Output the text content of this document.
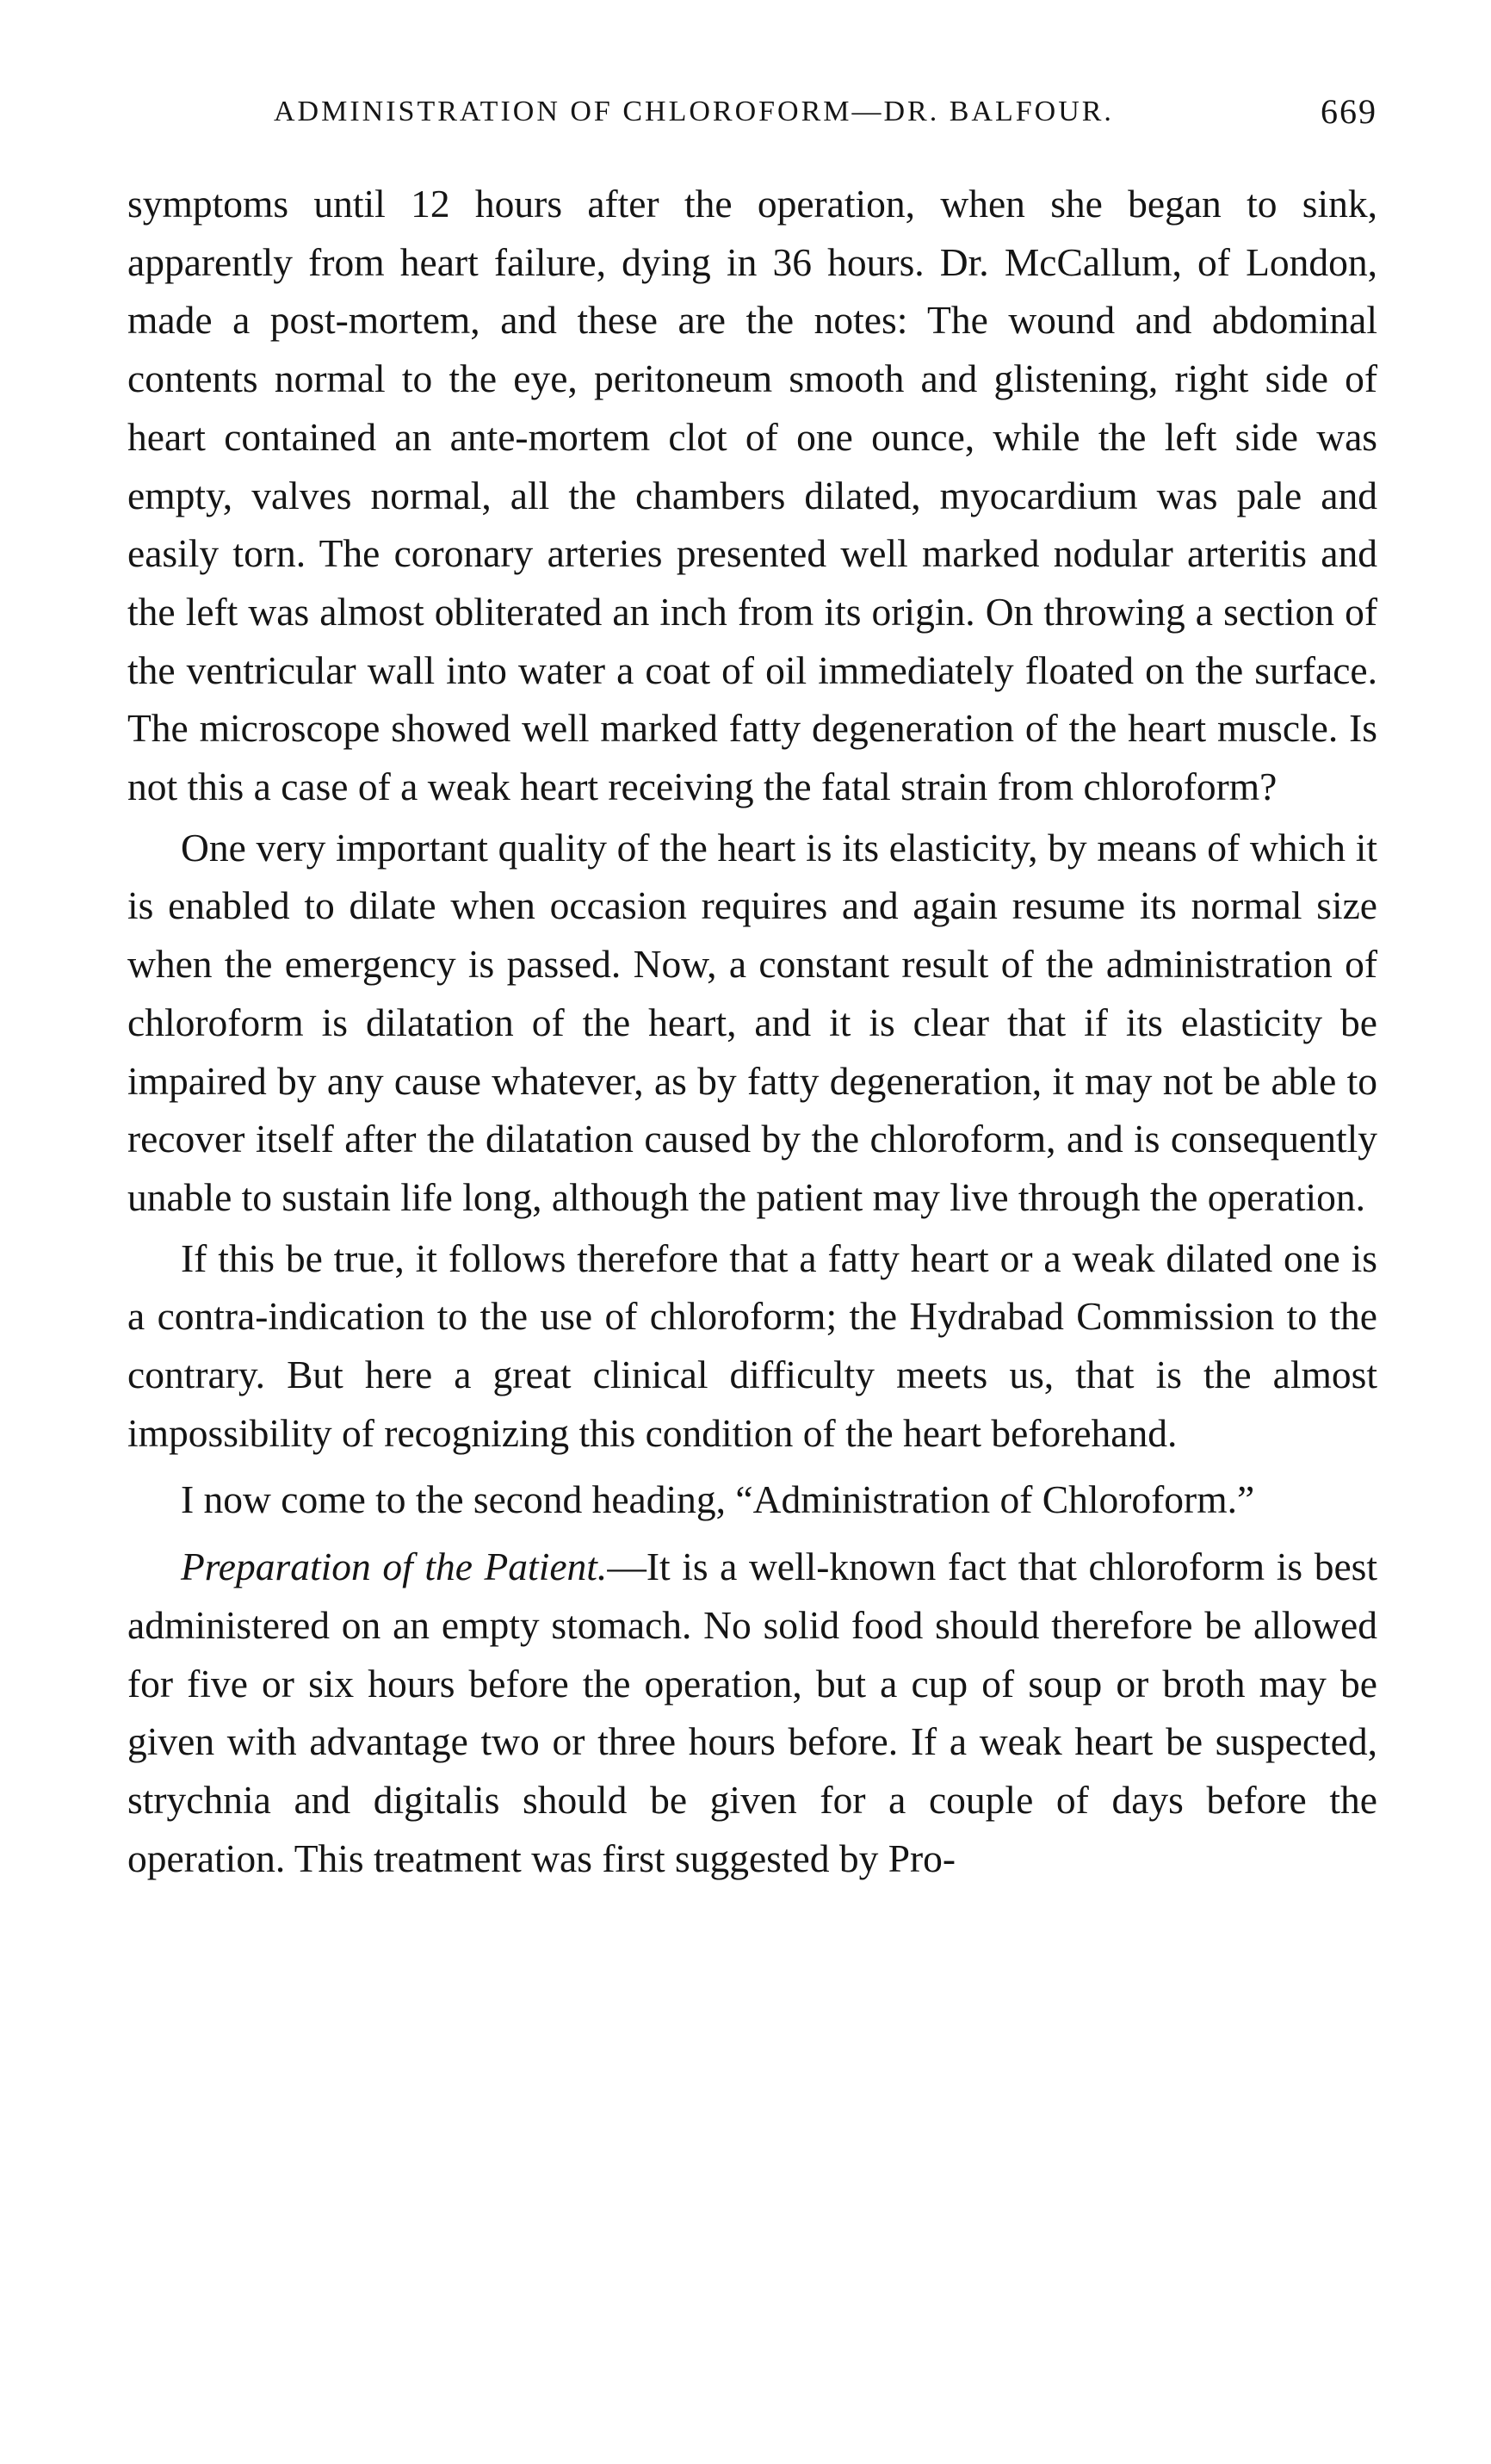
ADMINISTRATION OF CHLOROFORM—DR. BALFOUR.	669

symptoms until 12 hours after the operation, when she began to sink, apparently from heart failure, dying in 36 hours. Dr. McCallum, of London, made a post-mortem, and these are the notes: The wound and abdominal contents normal to the eye, peritoneum smooth and glistening, right side of heart contained an ante-mortem clot of one ounce, while the left side was empty, valves normal, all the chambers dilated, myocardium was pale and easily torn. The coronary arteries presented well marked nodular arteritis and the left was almost obliterated an inch from its origin. On throwing a section of the ventricular wall into water a coat of oil immediately floated on the surface. The microscope showed well marked fatty degeneration of the heart muscle. Is not this a case of a weak heart receiving the fatal strain from chloroform?

One very important quality of the heart is its elasticity, by means of which it is enabled to dilate when occasion requires and again resume its normal size when the emergency is passed. Now, a constant result of the administration of chloroform is dilatation of the heart, and it is clear that if its elasticity be impaired by any cause whatever, as by fatty degeneration, it may not be able to recover itself after the dilatation caused by the chloroform, and is consequently unable to sustain life long, although the patient may live through the operation.

If this be true, it follows therefore that a fatty heart or a weak dilated one is a contra-indication to the use of chloroform; the Hydrabad Commission to the contrary. But here a great clinical difficulty meets us, that is the almost impossibility of recognizing this condition of the heart beforehand.

I now come to the second heading, “Administration of Chloroform.”

Preparation of the Patient.—It is a well-known fact that chloroform is best administered on an empty stomach. No solid food should therefore be allowed for five or six hours before the operation, but a cup of soup or broth may be given with advantage two or three hours before. If a weak heart be suspected, strychnia and digitalis should be given for a couple of days before the operation. This treatment was first suggested by Pro-
